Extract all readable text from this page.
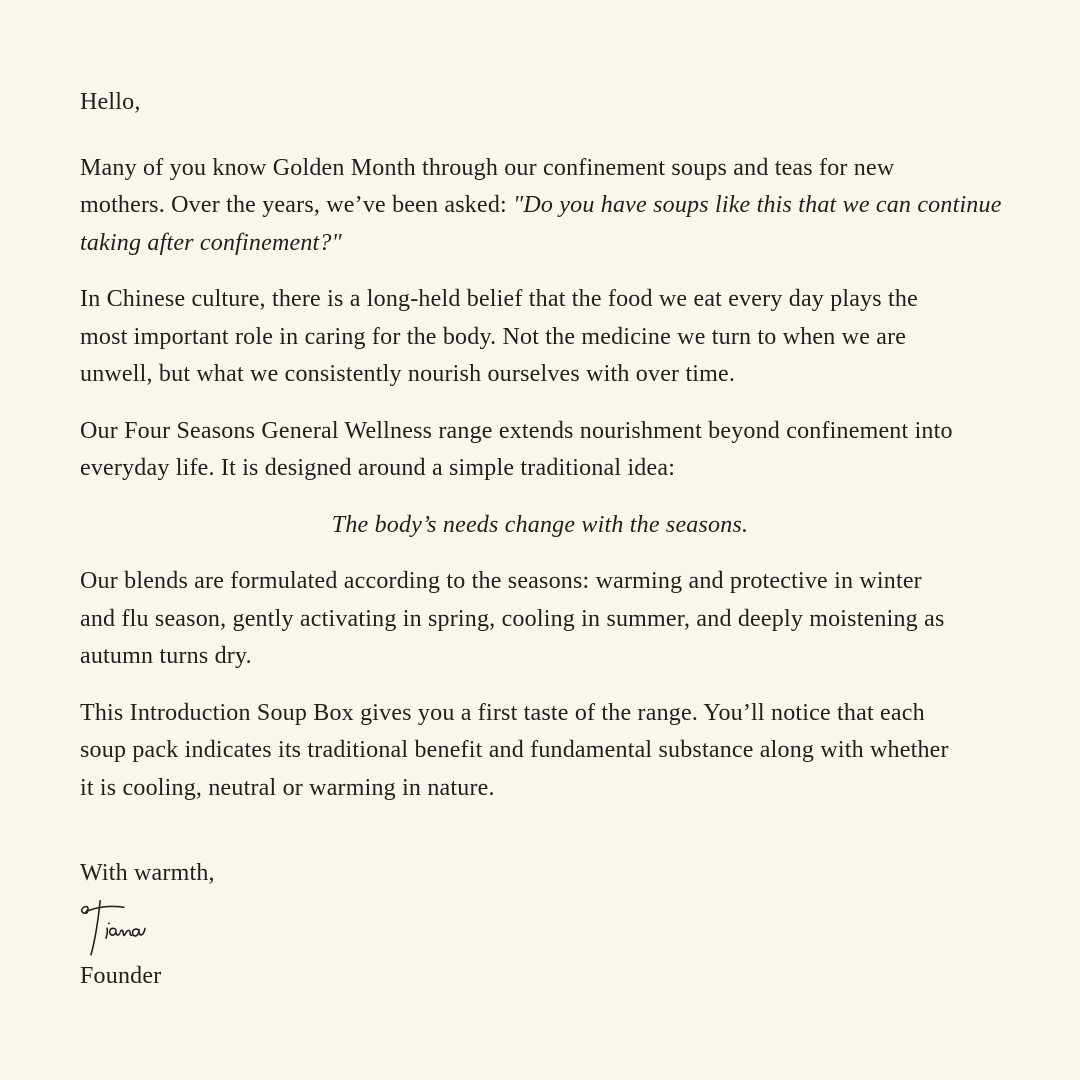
Hello,

Many of you know Golden Month through our confinement soups and teas for new
mothers. Over the years, we’ve been asked: "Do you have soups like this that we can continue
taking after confinement?"

In Chinese culture, there is a long-held belief that the food we eat every day plays the
most important role in caring for the body. Not the medicine we turn to when we are
unwell, but what we consistently nourish ourselves with over time.

Our Four Seasons General Wellness range extends nourishment beyond confinement into
everyday life. It is designed around a simple traditional idea:

The body’s needs change with the seasons.

Our blends are formulated according to the seasons: warming and protective in winter
and flu season, gently activating in spring, cooling in summer, and deeply moistening as
autumn turns dry.

This Introduction Soup Box gives you a first taste of the range. You’ll notice that each
soup pack indicates its traditional benefit and fundamental substance along with whether
it is cooling, neutral or warming in nature.

With warmth,

Founder
